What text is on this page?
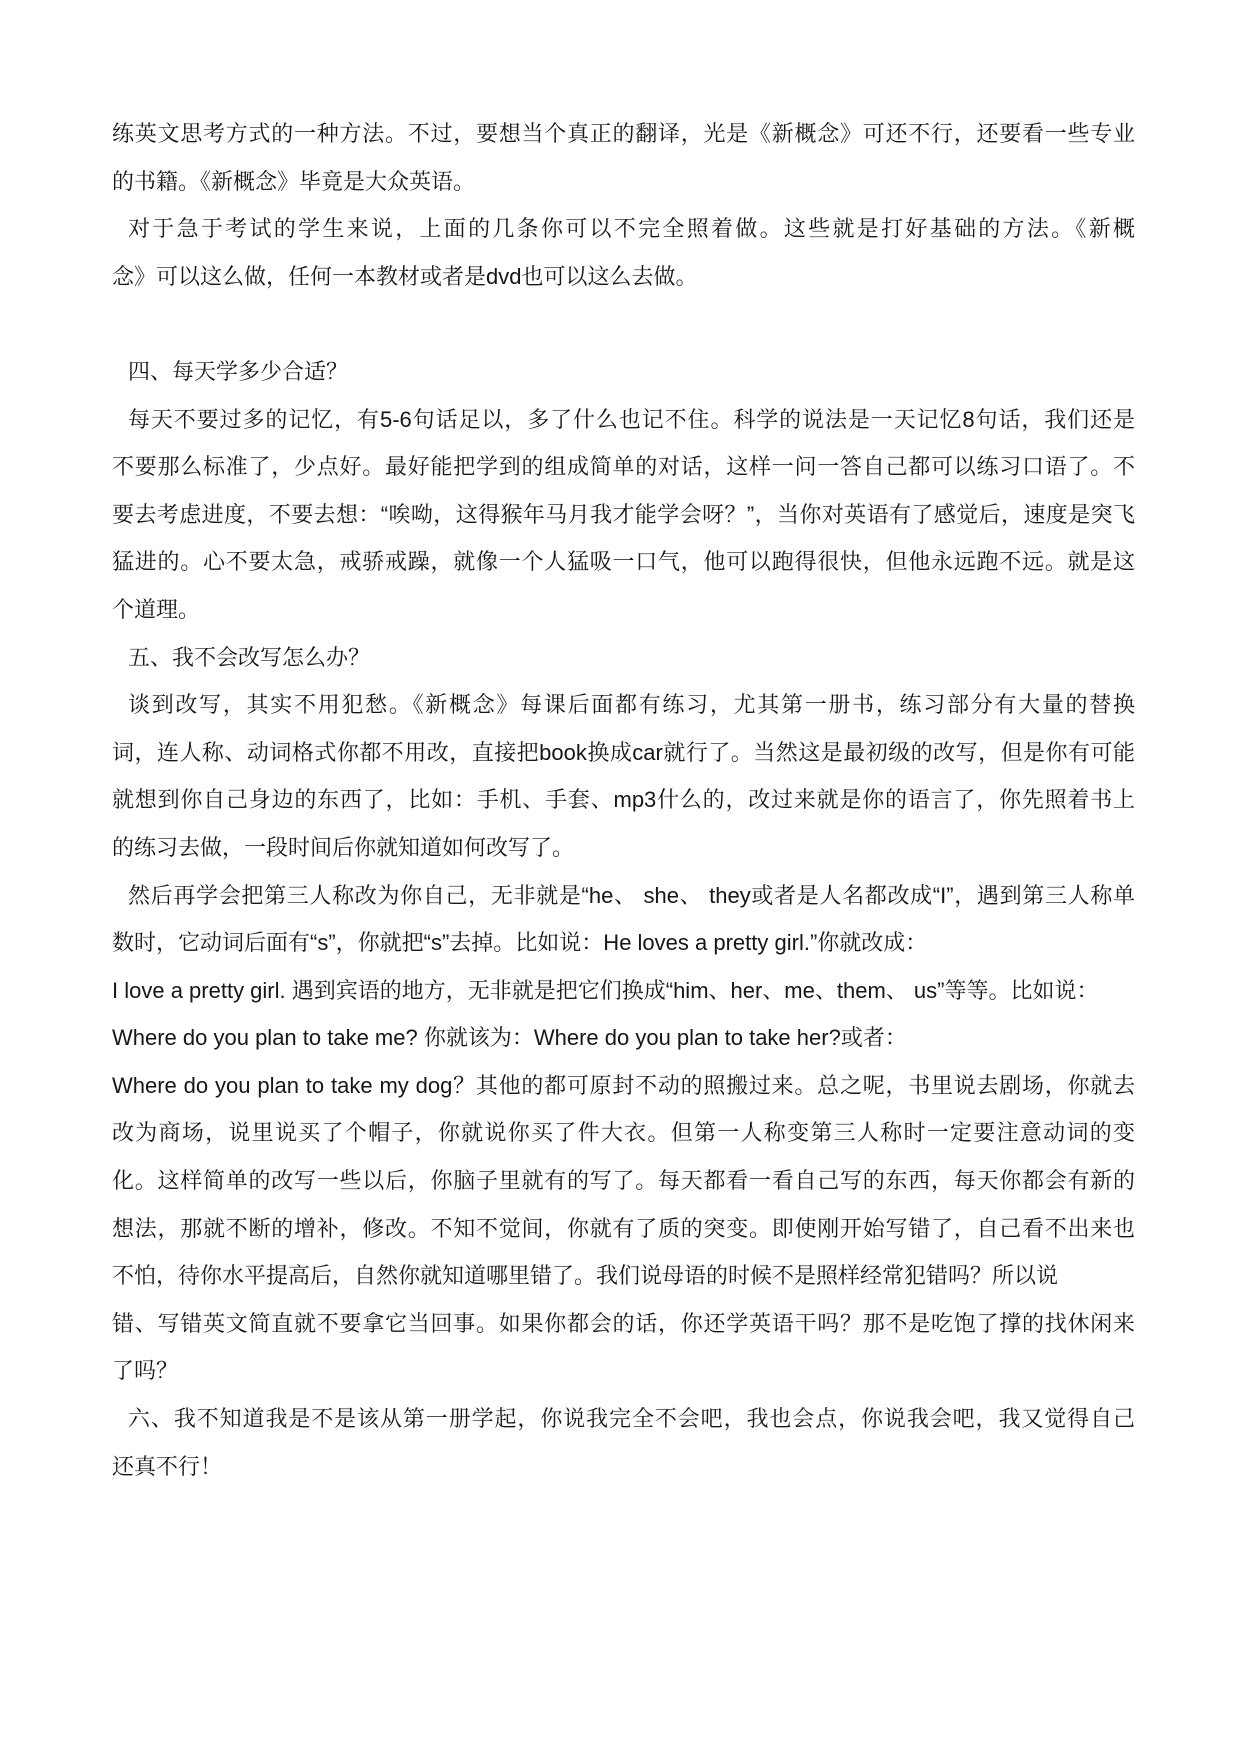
练英文思考方式的一种方法。不过，要想当个真正的翻译，光是《新概念》可还不行，还要看一些专业
的书籍。《新概念》毕竟是大众英语。
对于急于考试的学生来说，上面的几条你可以不完全照着做。这些就是打好基础的方法。《新概
念》可以这么做，任何一本教材或者是dvd也可以这么去做。
四、每天学多少合适？
每天不要过多的记忆，有5-6句话足以，多了什么也记不住。科学的说法是一天记忆8句话，我们还是
不要那么标准了，少点好。最好能把学到的组成简单的对话，这样一问一答自己都可以练习口语了。不
要去考虑进度，不要去想：“唉呦，这得猴年马月我才能学会呀？”，当你对英语有了感觉后，速度是突飞
猛进的。心不要太急，戒骄戒躁，就像一个人猛吸一口气，他可以跑得很快，但他永远跑不远。就是这
个道理。
五、我不会改写怎么办？
谈到改写，其实不用犯愁。《新概念》每课后面都有练习，尤其第一册书，练习部分有大量的替换
词，连人称、动词格式你都不用改，直接把book换成car就行了。当然这是最初级的改写，但是你有可能
就想到你自己身边的东西了，比如：手机、手套、mp3什么的，改过来就是你的语言了，你先照着书上
的练习去做，一段时间后你就知道如何改写了。
然后再学会把第三人称改为你自己，无非就是“he、 she、 they或者是人名都改成“I”，遇到第三人称单
数时，它动词后面有“s”，你就把“s”去掉。比如说：He loves a pretty girl.”你就改成：
I love a pretty girl. 遇到宾语的地方，无非就是把它们换成“him、her、me、them、 us”等等。比如说：
Where do you plan to take me? 你就该为：Where do you plan to take her?或者：
Where do you plan to take my dog？其他的都可原封不动的照搬过来。总之呢，书里说去剧场，你就去
改为商场，说里说买了个帽子，你就说你买了件大衣。但第一人称变第三人称时一定要注意动词的变
化。这样简单的改写一些以后，你脑子里就有的写了。每天都看一看自己写的东西，每天你都会有新的
想法，那就不断的增补，修改。不知不觉间，你就有了质的突变。即使刚开始写错了，自己看不出来也
不怕，待你水平提高后，自然你就知道哪里错了。我们说母语的时候不是照样经常犯错吗？所以说
错、写错英文简直就不要拿它当回事。如果你都会的话，你还学英语干吗？那不是吃饱了撑的找休闲来
了吗？
六、我不知道我是不是该从第一册学起，你说我完全不会吧，我也会点，你说我会吧，我又觉得自己
还真不行！
